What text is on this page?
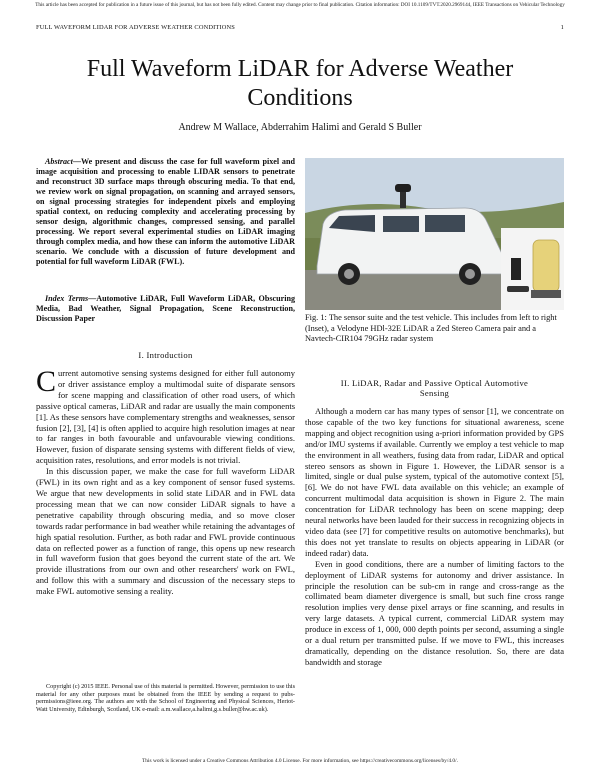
This article has been accepted for publication in a future issue of this journal, but has not been fully edited. Content may change prior to final publication. Citation information: DOI 10.1109/TVT.2020.2969144, IEEE Transactions on Vehicular Technology
FULL WAVEFORM LIDAR FOR ADVERSE WEATHER CONDITIONS	1
Full Waveform LiDAR for Adverse Weather Conditions
Andrew M Wallace, Abderrahim Halimi and Gerald S Buller
Abstract—We present and discuss the case for full waveform pixel and image acquisition and processing to enable LIDAR sensors to penetrate and reconstruct 3D surface maps through obscuring media. To that end, we review work on signal propagation, on scanning and arrayed sensors, on signal processing strategies for independent pixels and employing spatial context, on reducing complexity and accelerating processing by sensor design, algorithmic changes, compressed sensing, and parallel processing. We report several experimental studies on LiDAR imaging through complex media, and how these can inform the automotive LiDAR scenario. We conclude with a discussion of future development and potential for full waveform LiDAR (FWL).
Index Terms—Automotive LiDAR, Full Waveform LiDAR, Obscuring Media, Bad Weather, Signal Propagation, Scene Reconstruction, Discussion Paper
I. Introduction

Current automotive sensing systems designed for either full autonomy or driver assistance employ a multimodal suite of disparate sensors for scene mapping and classification of other road users, of which passive optical cameras, LiDAR and radar are usually the main components [1]. As these sensors have complementary strengths and weaknesses, sensor fusion [2], [3], [4] is often applied to acquire high resolution images at near to far ranges in both favourable and unfavourable viewing conditions. However, fusion of disparate sensing systems with different fields of view, acquisition rates, resolutions, and error models is not trivial.

In this discussion paper, we make the case for full waveform LiDAR (FWL) in its own right and as a key component of sensor fused systems. We argue that new developments in solid state LiDAR and in FWL data processing mean that we can now consider LiDAR signals to have a penetrative capability through obscuring media, and so move closer towards radar performance in bad weather while retaining the advantages of high spatial resolution. Further, as both radar and FWL provide continuous data on reflected power as a function of range, this opens up new research in full waveform fusion that goes beyond the current state of the art. We provide illustrations from our own and other researchers' work on FWL, and follow this with a summary and discussion of the necessary steps to make FWL automotive sensing a reality.

Copyright (c) 2015 IEEE. Personal use of this material is permitted. However, permission to use this material for any other purposes must be obtained from the IEEE by sending a request to pubs-permissions@ieee.org. The authors are with the School of Engineering and Physical Sciences, Heriot-Watt University, Edinburgh, Scotland, UK e-mail: a.m.wallace,a.halimi,g.s.buller@hw.ac.uk).
Fig. 1: The sensor suite and the test vehicle. This includes from left to right (Inset), a Velodyne HDl-32E LiDAR a Zed Stereo Camera pair and a Navtech-CIR104 79GHz radar system
II. LiDAR, Radar and Passive Optical Automotive
Sensing

Although a modern car has many types of sensor [1], we concentrate on those capable of the two key functions for situational awareness, scene mapping and object recognition using a-priori information provided by GPS and/or IMU systems if available. Currently we employ a test vehicle to map the environment in all weathers, fusing data from radar, LiDAR and optical stereo sensors as shown in Figure 1. However, the LiDAR sensor is a limited, single or dual pulse system, typical of the automotive context [5], [6]. We do not have FWL data available on this vehicle; an example of concurrent multimodal data acquisition is shown in Figure 2. The main concentration for LiDAR technology has been on scene mapping; deep neural networks have been lauded for their success in recognizing objects in video data (see [7] for competitive results on automotive benchmarks), but this does not yet translate to results on objects appearing in LiDAR (or indeed radar) data.

Even in good conditions, there are a number of limiting factors to the deployment of LiDAR systems for autonomy and driver assistance. In principle the resolution can be sub-cm in range and cross-range as the collimated beam diameter divergence is small, but such fine cross range resolution implies very dense pixel arrays or fine scanning, and results in very large datasets. A typical current, commercial LiDAR system may produce in excess of 1, 000, 000 depth points per second, assuming a single or a dual return per transmitted pulse. If we move to FWL, this increases dramatically, depending on the distance resolution. So, there are data bandwidth and storage

This work is licensed under a Creative Commons Attribution 4.0 License. For more information, see https://creativecommons.org/licenses/by/4.0/.
